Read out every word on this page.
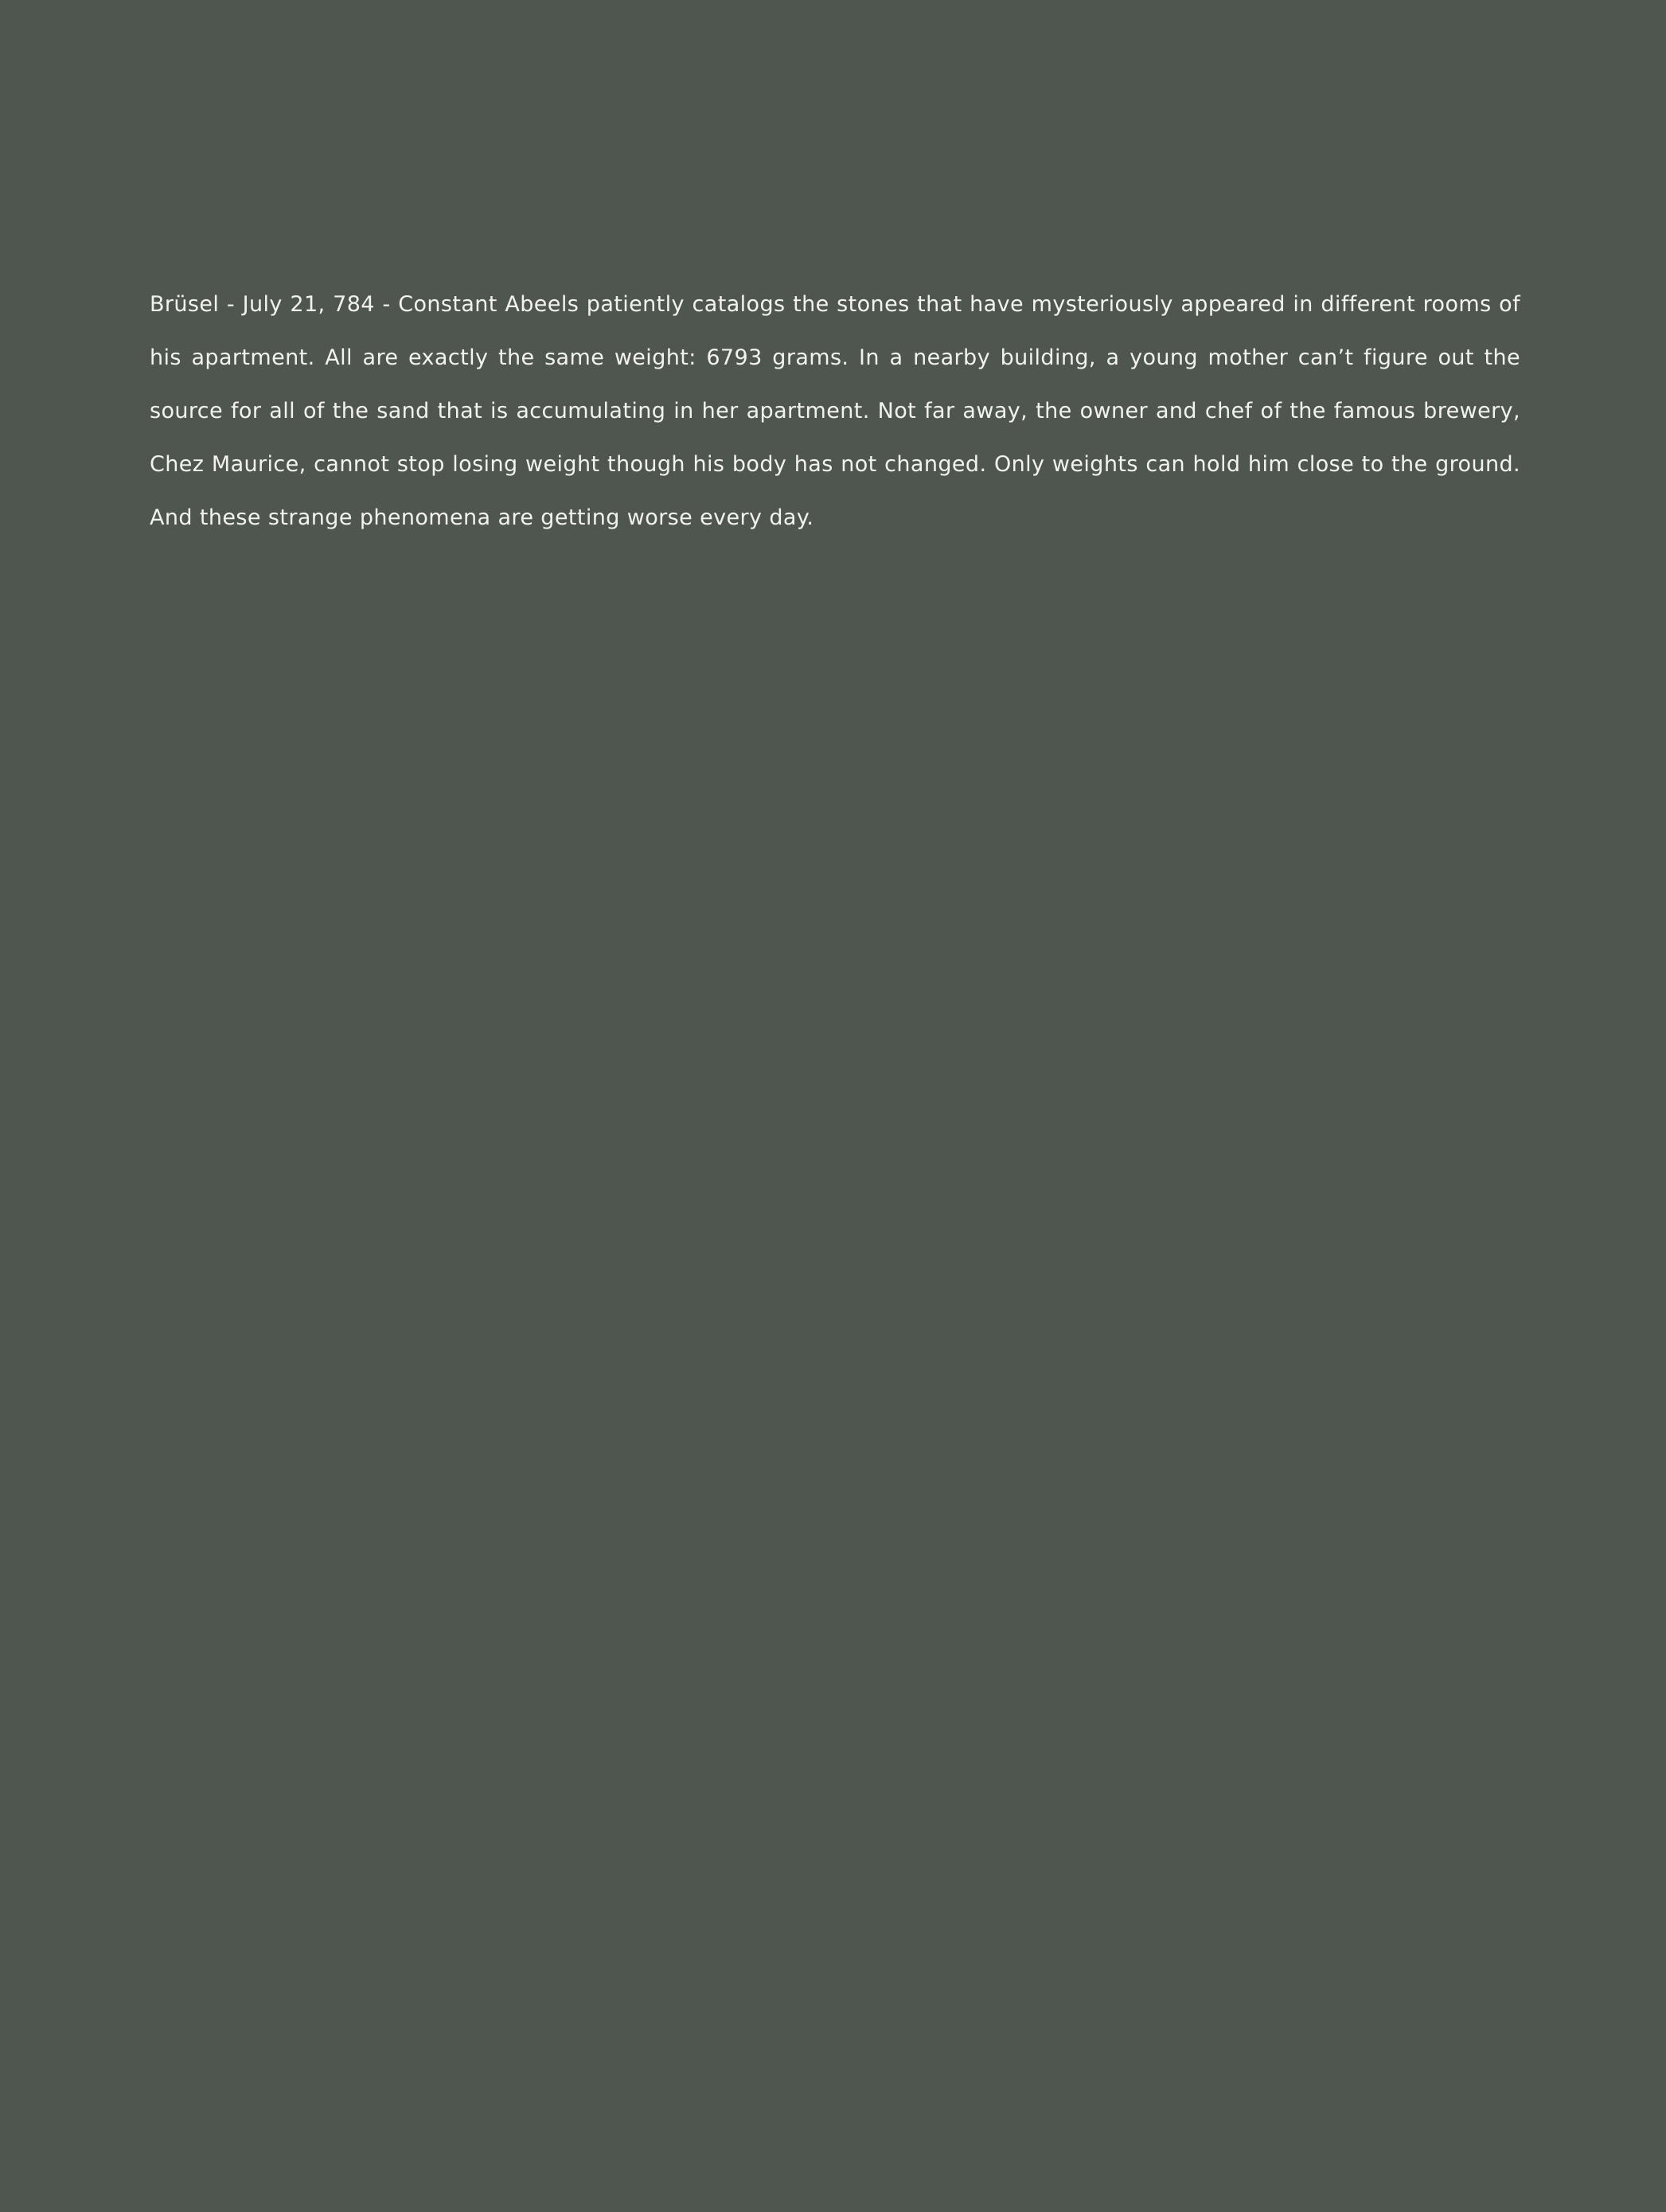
Brüsel - July 21, 784 - Constant Abeels patiently catalogs the stones that have mysteriously appeared in different rooms of his apartment. All are exactly the same weight: 6793 grams. In a nearby building, a young mother can’t figure out the source for all of the sand that is accumulating in her apartment. Not far away, the owner and chef of the famous brewery, Chez Maurice, cannot stop losing weight though his body has not changed. Only weights can hold him close to the ground. And these strange phenomena are getting worse every day.
